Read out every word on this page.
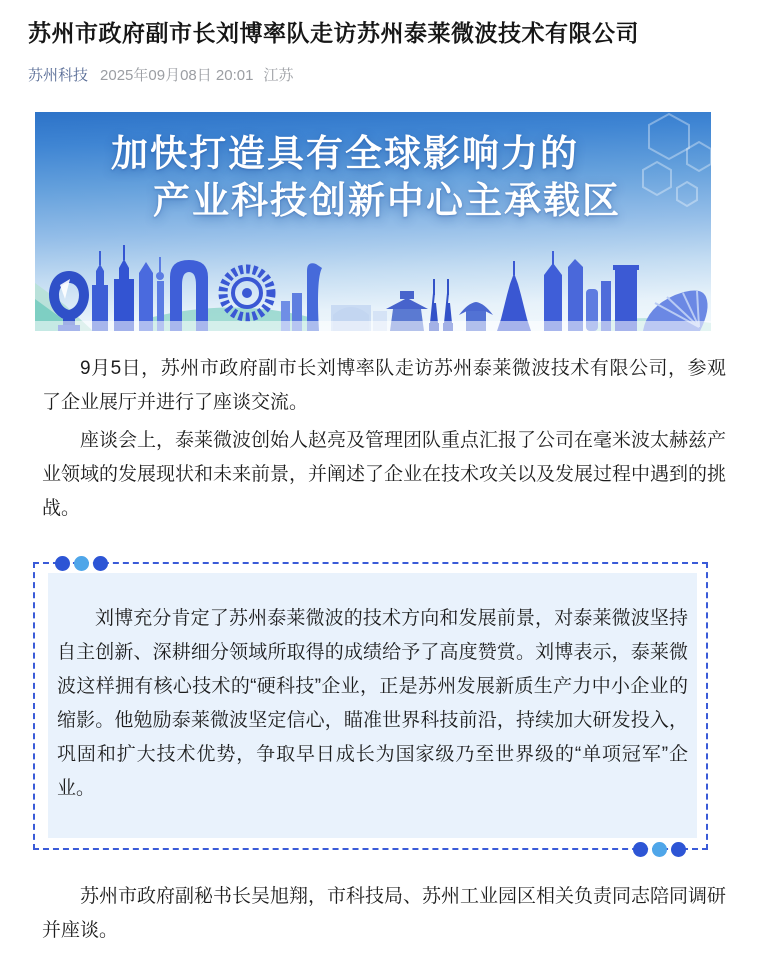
苏州市政府副市长刘博率队走访苏州泰莱微波技术有限公司
苏州科技 2025年09月08日 20:01 江苏
加快打造具有全球影响力的
产业科技创新中心主承载区

9月5日，苏州市政府副市长刘博率队走访苏州泰莱微波技术有限公司，参观了企业展厅并进行了座谈交流。

座谈会上，泰莱微波创始人赵亮及管理团队重点汇报了公司在毫米波太赫兹产业领域的发展现状和未来前景，并阐述了企业在技术攻关以及发展过程中遇到的挑战。

刘博充分肯定了苏州泰莱微波的技术方向和发展前景，对泰莱微波坚持自主创新、深耕细分领域所取得的成绩给予了高度赞赏。刘博表示，泰莱微波这样拥有核心技术的“硬科技”企业，正是苏州发展新质生产力中小企业的缩影。他勉励泰莱微波坚定信心，瞄准世界科技前沿，持续加大研发投入，巩固和扩大技术优势，争取早日成长为国家级乃至世界级的“单项冠军”企业。

苏州市政府副秘书长吴旭翔，市科技局、苏州工业园区相关负责同志陪同调研并座谈。
